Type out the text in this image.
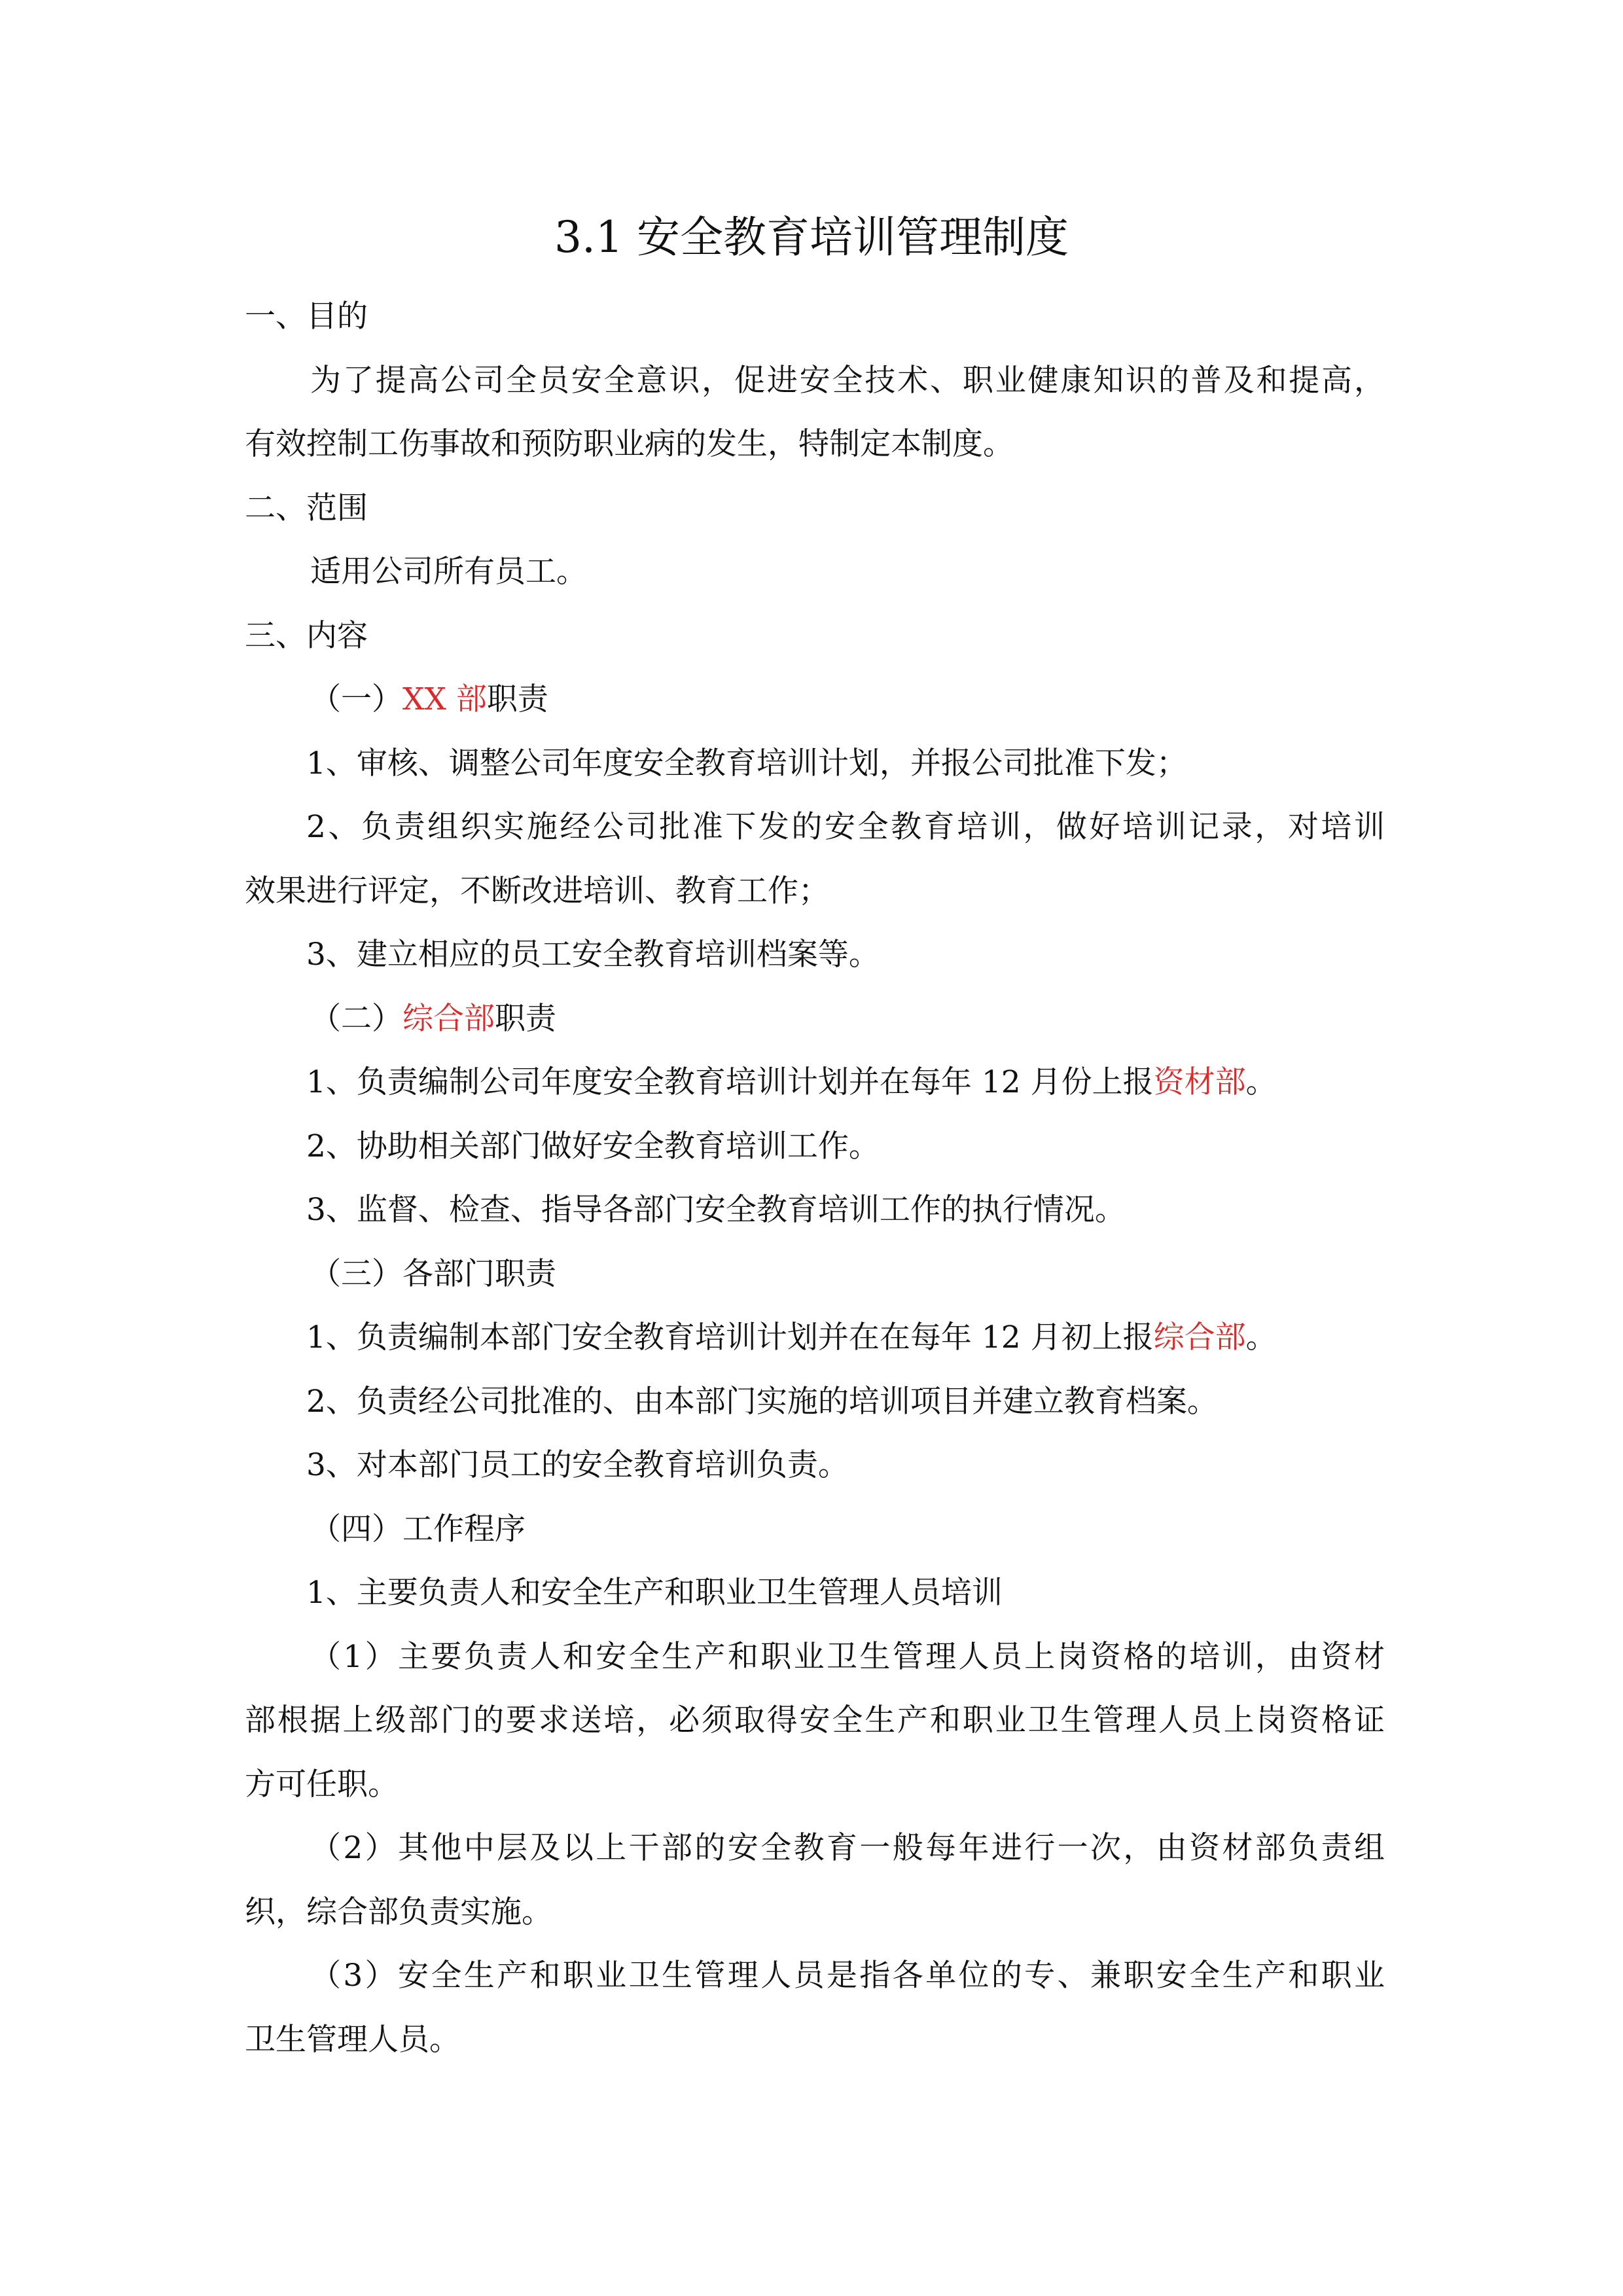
3.1 安全教育培训管理制度
一、目的
为了提高公司全员安全意识，促进安全技术、职业健康知识的普及和提高，
有效控制工伤事故和预防职业病的发生，特制定本制度。
二、范围
适用公司所有员工。
三、内容
（一）XX 部职责
1、审核、调整公司年度安全教育培训计划，并报公司批准下发；
2、负责组织实施经公司批准下发的安全教育培训，做好培训记录，对培训
效果进行评定，不断改进培训、教育工作；
3、建立相应的员工安全教育培训档案等。
（二）综合部职责
1、负责编制公司年度安全教育培训计划并在每年 12 月份上报资材部。
2、协助相关部门做好安全教育培训工作。
3、监督、检查、指导各部门安全教育培训工作的执行情况。
（三）各部门职责
1、负责编制本部门安全教育培训计划并在在每年 12 月初上报综合部。
2、负责经公司批准的、由本部门实施的培训项目并建立教育档案。
3、对本部门员工的安全教育培训负责。
（四）工作程序
1、主要负责人和安全生产和职业卫生管理人员培训
（1）主要负责人和安全生产和职业卫生管理人员上岗资格的培训，由资材
部根据上级部门的要求送培，必须取得安全生产和职业卫生管理人员上岗资格证
方可任职。
（2）其他中层及以上干部的安全教育一般每年进行一次，由资材部负责组
织，综合部负责实施。
（3）安全生产和职业卫生管理人员是指各单位的专、兼职安全生产和职业
卫生管理人员。
